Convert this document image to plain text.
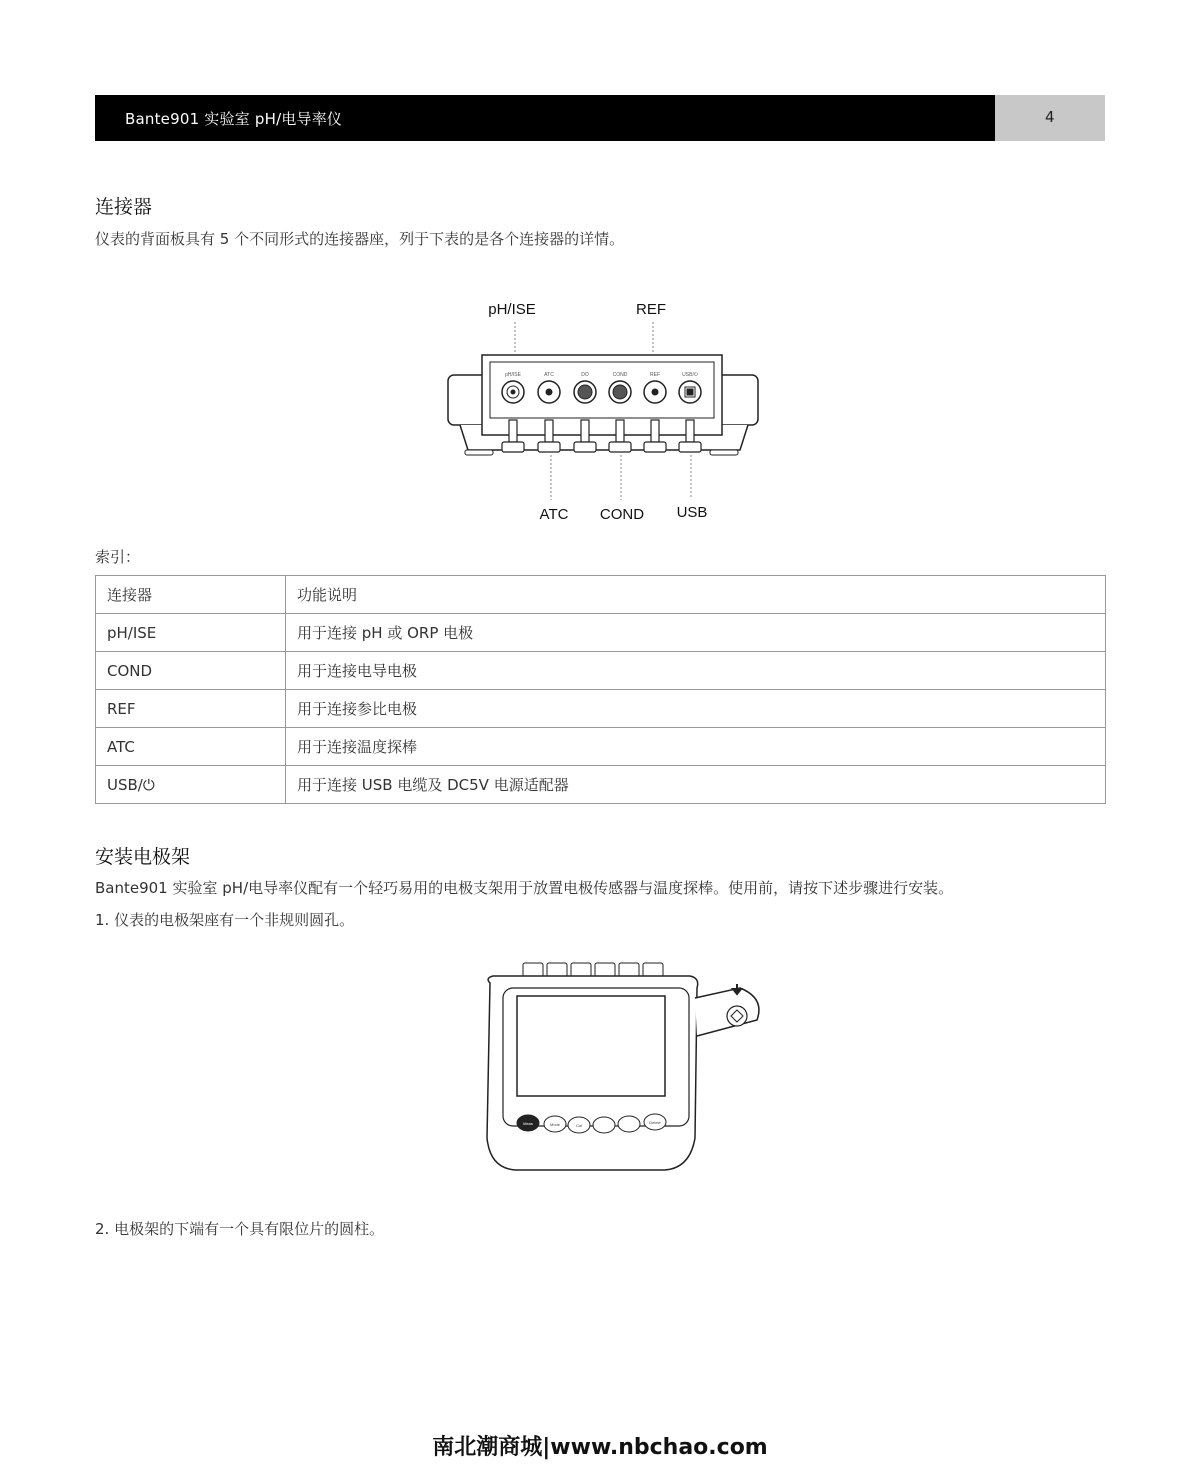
Bante901 实验室 pH/电导率仪	4
连接器
仪表的背面板具有 5 个不同形式的连接器座，列于下表的是各个连接器的详情。
pH/ISE	REF
pH/ISE	ATC	DO	COND	REF	USB/⏻
ATC COND USB
索引：
连接器	功能说明
pH/ISE	用于连接 pH 或 ORP 电极
COND	用于连接电导电极
REF	用于连接参比电极
ATC	用于连接温度探棒
USB/⏻	用于连接 USB 电缆及 DC5V 电源适配器
安装电极架
Bante901 实验室 pH/电导率仪配有一个轻巧易用的电极支架用于放置电极传感器与温度探棒。使用前，请按下述步骤进行安装。
1. 仪表的电极架座有一个非规则圆孔。
Meas	Mode	Cal
Delete
2. 电极架的下端有一个具有限位片的圆柱。
南北潮商城|www.nbchao.com
